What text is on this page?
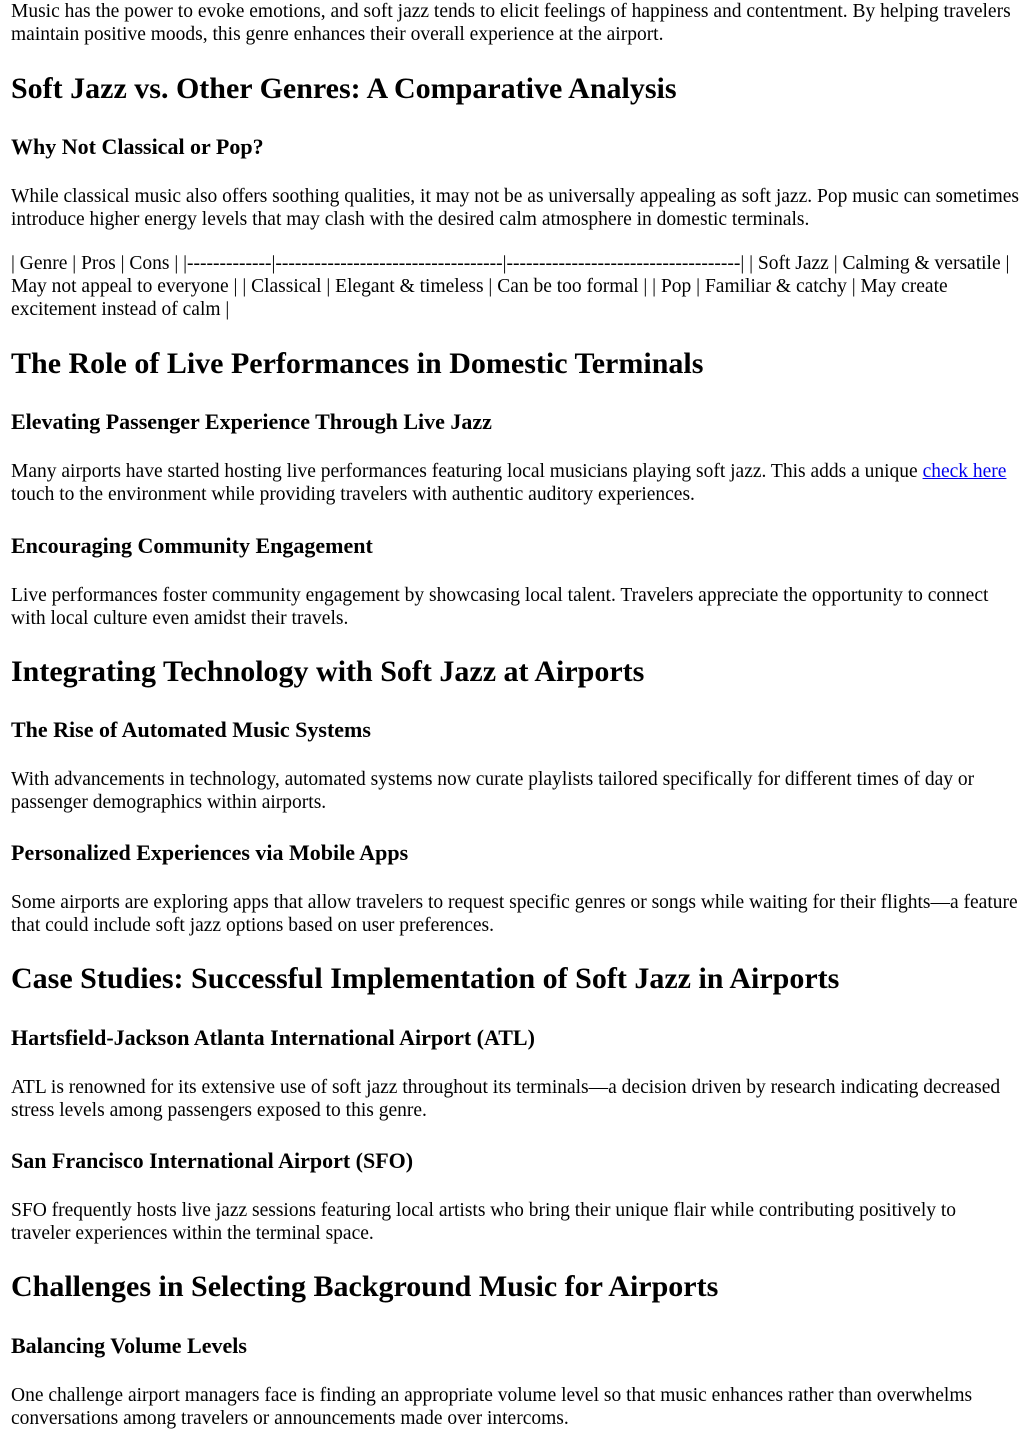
Music has the power to evoke emotions, and soft jazz tends to elicit feelings of happiness and contentment. By helping travelers maintain positive moods, this genre enhances their overall experience at the airport.

Soft Jazz vs. Other Genres: A Comparative Analysis
Why Not Classical or Pop?

While classical music also offers soothing qualities, it may not be as universally appealing as soft jazz. Pop music can sometimes introduce higher energy levels that may clash with the desired calm atmosphere in domestic terminals.

| Genre | Pros | Cons | |-------------|-----------------------------------|------------------------------------| | Soft Jazz | Calming & versatile | May not appeal to everyone | | Classical | Elegant & timeless | Can be too formal | | Pop | Familiar & catchy | May create excitement instead of calm |

The Role of Live Performances in Domestic Terminals
Elevating Passenger Experience Through Live Jazz

Many airports have started hosting live performances featuring local musicians playing soft jazz. This adds a unique check here touch to the environment while providing travelers with authentic auditory experiences.

Encouraging Community Engagement

Live performances foster community engagement by showcasing local talent. Travelers appreciate the opportunity to connect with local culture even amidst their travels.

Integrating Technology with Soft Jazz at Airports
The Rise of Automated Music Systems

With advancements in technology, automated systems now curate playlists tailored specifically for different times of day or passenger demographics within airports.

Personalized Experiences via Mobile Apps

Some airports are exploring apps that allow travelers to request specific genres or songs while waiting for their flights—a feature that could include soft jazz options based on user preferences.

Case Studies: Successful Implementation of Soft Jazz in Airports
Hartsfield-Jackson Atlanta International Airport (ATL)

ATL is renowned for its extensive use of soft jazz throughout its terminals—a decision driven by research indicating decreased stress levels among passengers exposed to this genre.

San Francisco International Airport (SFO)

SFO frequently hosts live jazz sessions featuring local artists who bring their unique flair while contributing positively to traveler experiences within the terminal space.

Challenges in Selecting Background Music for Airports
Balancing Volume Levels

One challenge airport managers face is finding an appropriate volume level so that music enhances rather than overwhelms conversations among travelers or announcements made over intercoms.
